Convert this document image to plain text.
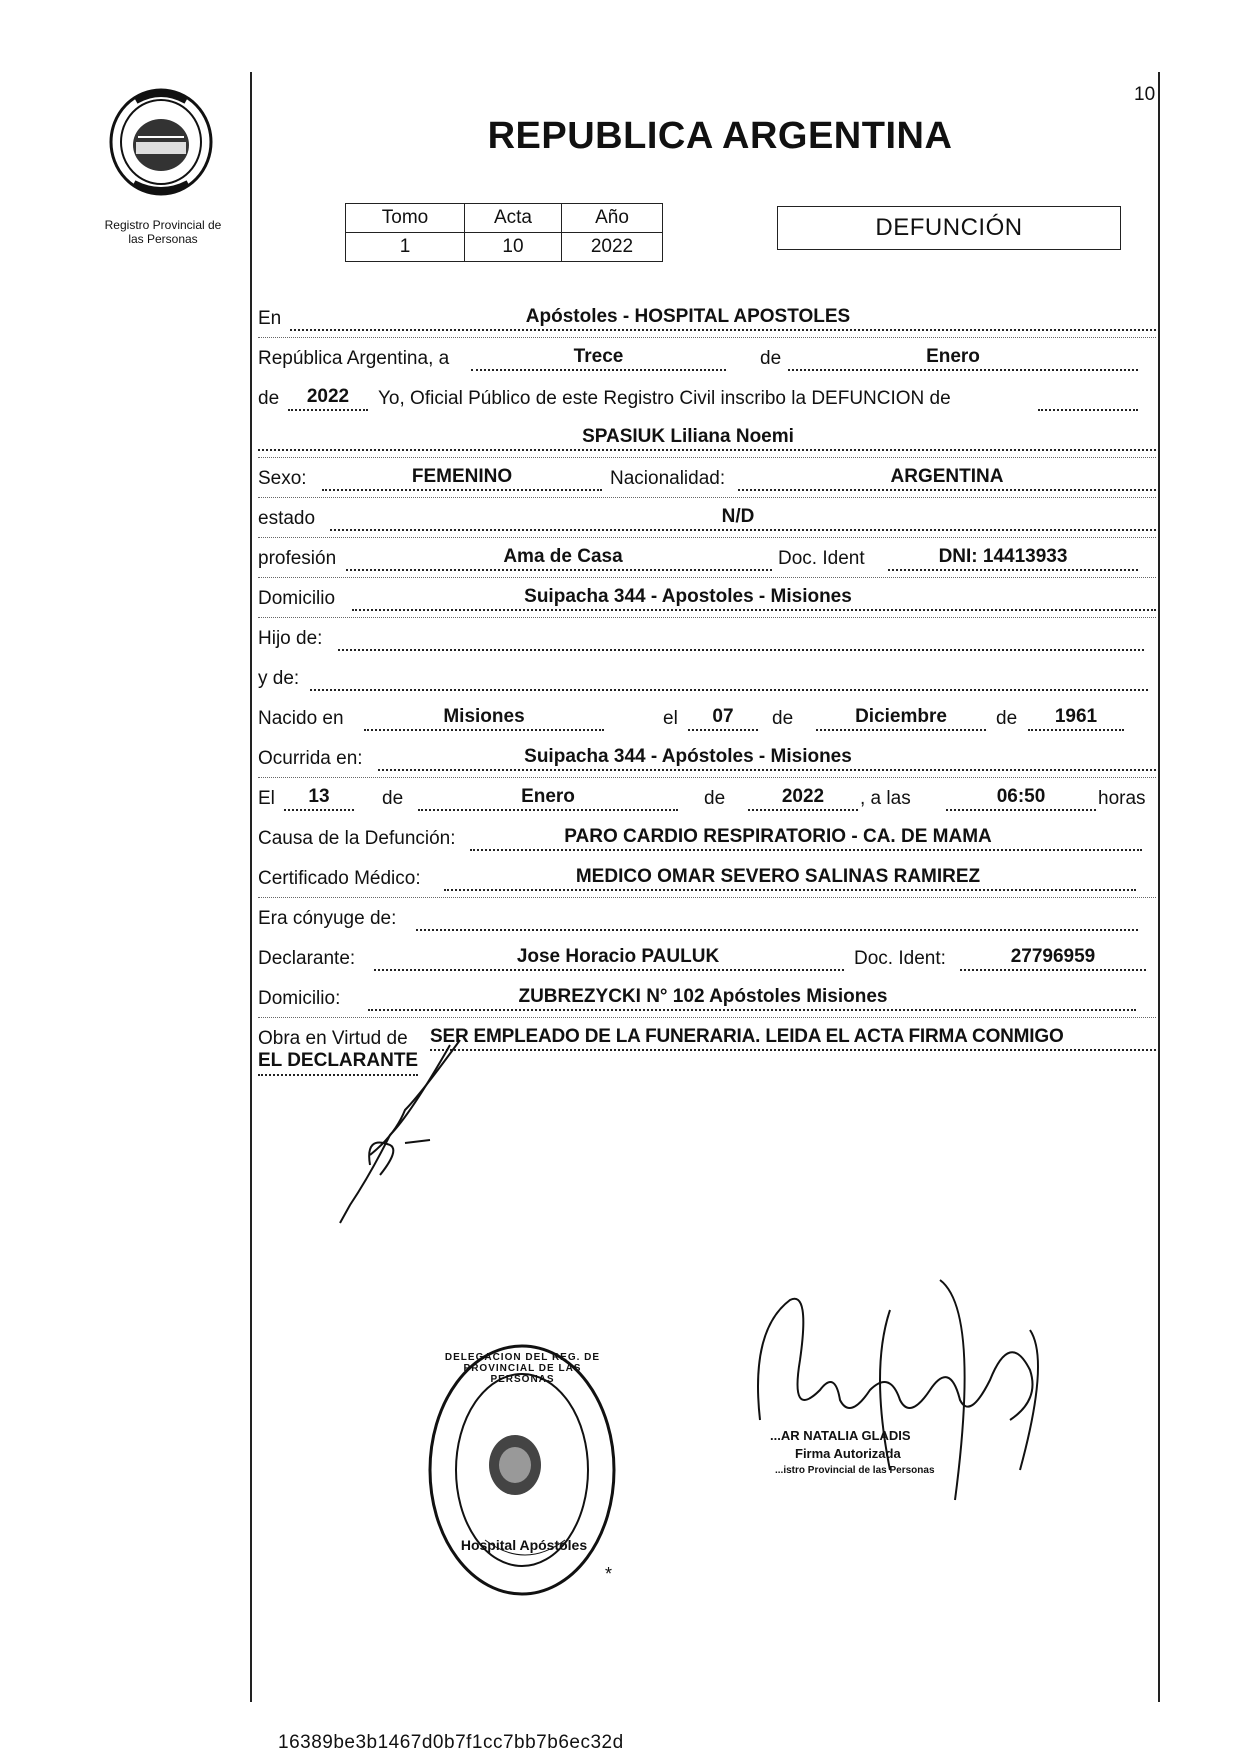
10
Registro Provincial de
las Personas
REPUBLICA ARGENTINA
Tomo	Acta	Año
1	10	2022
DEFUNCIÓN
En	Apóstoles - HOSPITAL APOSTOLES
República Argentina, a	Trece	de	Enero
de	2022	Yo, Oficial Público de este Registro Civil inscribo la DEFUNCION de
SPASIUK Liliana Noemi
Sexo:	FEMENINO	Nacionalidad:	ARGENTINA
estado	N/D
profesión	Ama de Casa	Doc. Ident	DNI: 14413933
Domicilio	Suipacha 344 - Apostoles - Misiones
Hijo de:
y de:
Nacido en	Misiones	el	07	de	Diciembre	de	1961
Ocurrida en:	Suipacha 344 - Apóstoles - Misiones
El	13	de	Enero	de	2022	, a las	06:50	horas
Causa de la Defunción:	PARO CARDIO RESPIRATORIO - CA. DE MAMA
Certificado Médico:	MEDICO OMAR SEVERO SALINAS RAMIREZ
Era cónyuge de:
Declarante:	Jose Horacio PAULUK	Doc. Ident:	27796959
Domicilio:	ZUBREZYCKI N° 102 Apóstoles Misiones
Obra en Virtud de SER EMPLEADO DE LA FUNERARIA. LEIDA EL ACTA FIRMA CONMIGO
EL DECLARANTE
*
DELEGACION DEL REG. DE PROVINCIAL DE LAS PERSONAS
Hospital Apóstoles
...AR NATALIA GLADIS
Firma Autorizada
...istro Provincial de las Personas
16389be3b1467d0b7f1cc7bb7b6ec32d
